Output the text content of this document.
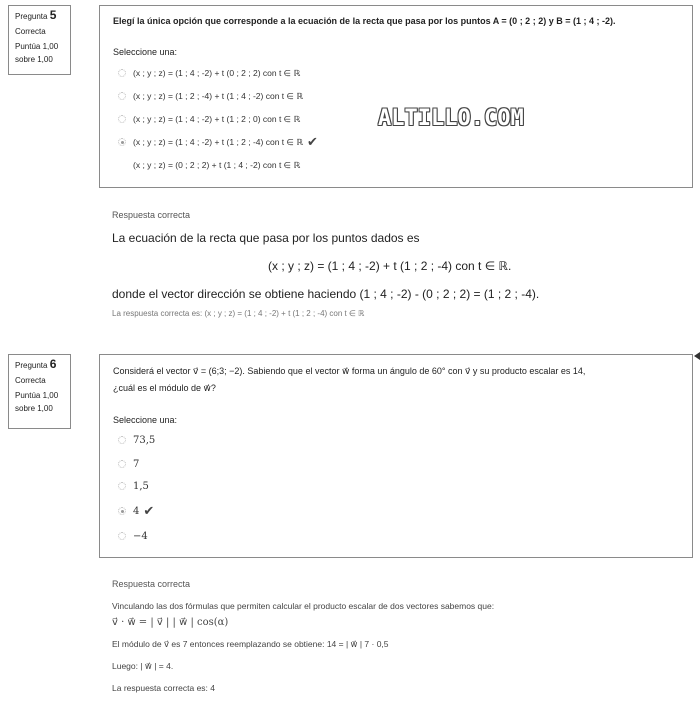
Pregunta 5
Correcta
Puntúa 1,00
sobre 1,00
Elegí la única opción que corresponde a la ecuación de la recta que pasa por los puntos A = (0 ; 2 ; 2) y B = (1 ; 4 ; -2).
Seleccione una:
(x ; y ; z) = (1 ; 4 ; -2) + t (0 ; 2 ; 2) con t ∈ ℝ
(x ; y ; z) = (1 ; 2 ; -4) + t (1 ; 4 ; -2) con t ∈ ℝ
(x ; y ; z) = (1 ; 4 ; -2) + t (1 ; 2 ; 0) con t ∈ ℝ
(x ; y ; z) = (1 ; 4 ; -2) + t (1 ; 2 ; -4) con t ∈ ℝ ✔
(x ; y ; z) = (0 ; 2 ; 2) + t (1 ; 4 ; -2) con t ∈ ℝ
ALTILLO.COM
Respuesta correcta
La ecuación de la recta que pasa por los puntos dados es
(x ; y ; z) = (1 ; 4 ; -2) + t (1 ; 2 ; -4) con t ∈ ℝ.
donde el vector dirección se obtiene haciendo (1 ; 4 ; -2) - (0 ; 2 ; 2) = (1 ; 2 ; -4).
La respuesta correcta es: (x ; y ; z) = (1 ; 4 ; -2) + t (1 ; 2 ; -4) con t ∈ ℝ
Pregunta 6
Correcta
Puntúa 1,00
sobre 1,00
Considerá el vector v⃗ = (6;3; −2). Sabiendo que el vector w⃗ forma un ángulo de 60° con v⃗ y su producto escalar es 14,
¿cuál es el módulo de w⃗?
Seleccione una:
73,5
7
1,5
4 ✔
−4
Respuesta correcta
Vinculando las dos fórmulas que permiten calcular el producto escalar de dos vectores sabemos que:
v⃗ · w⃗ = | v⃗ | | w⃗ | cos(α)
El módulo de v⃗ es 7 entonces reemplazando se obtiene: 14 = | w⃗ | 7 · 0,5
Luego: | w⃗ | = 4.
La respuesta correcta es: 4
